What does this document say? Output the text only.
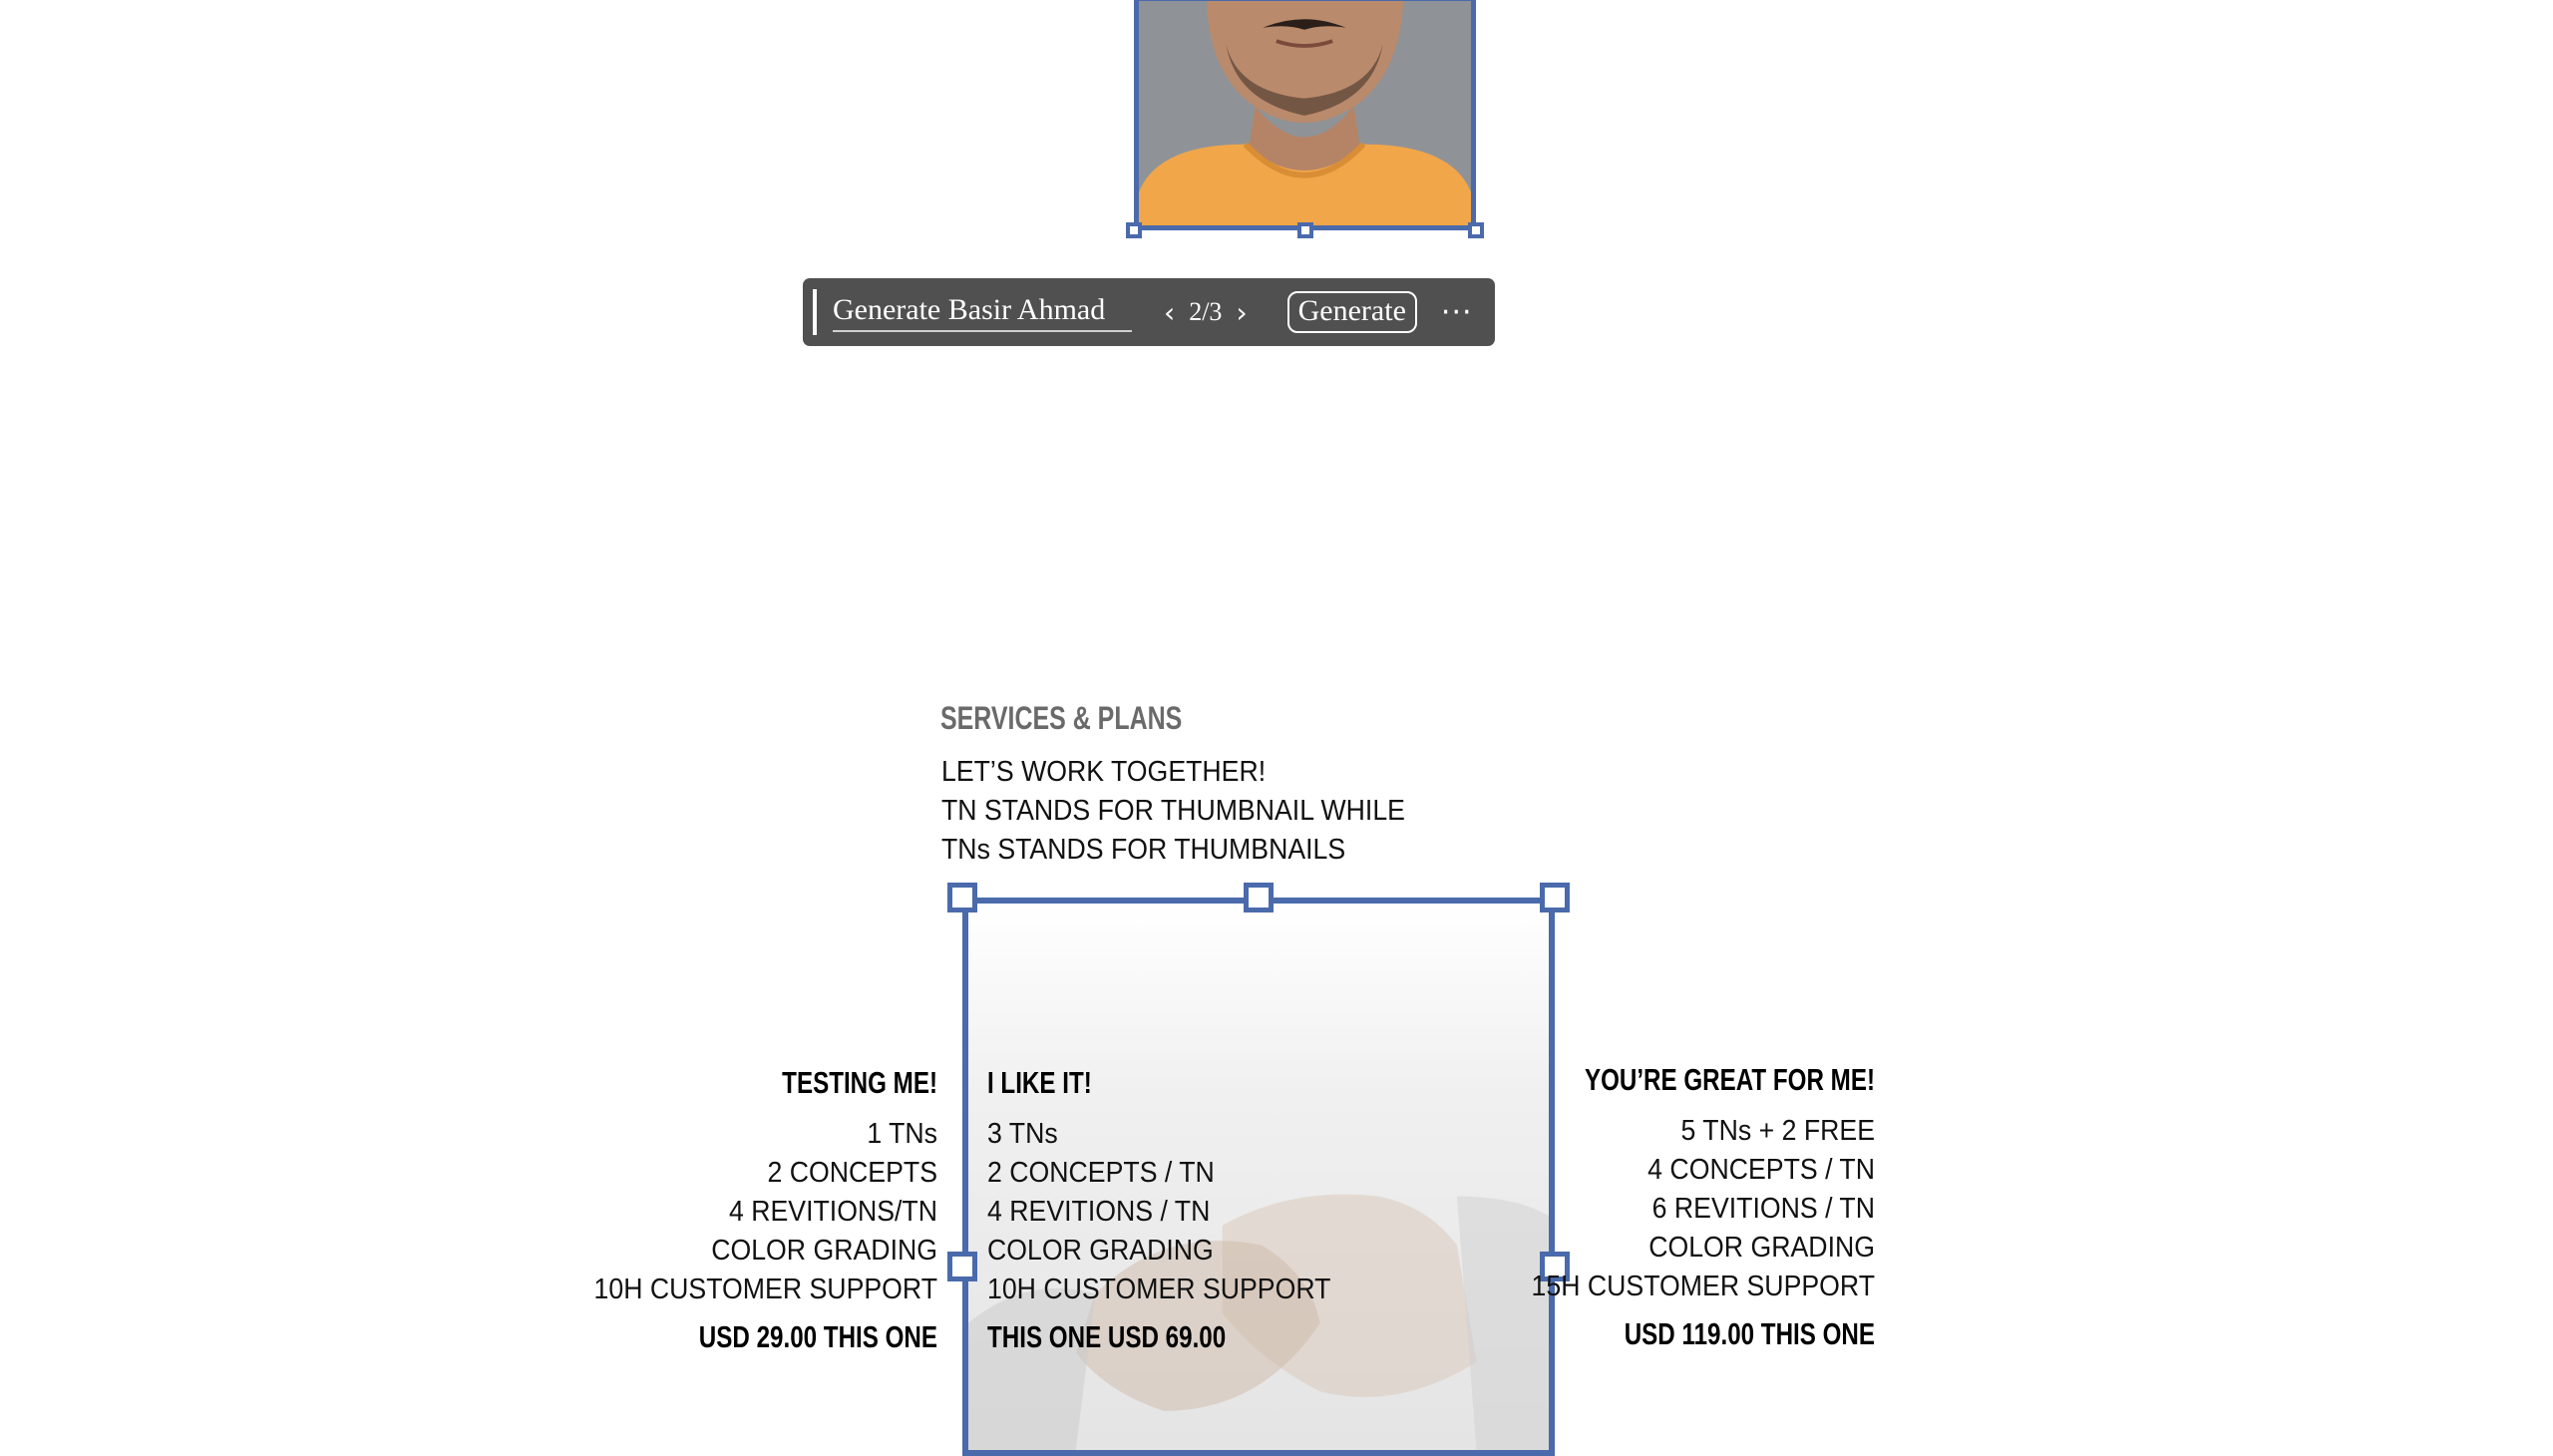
Generate Basir Ahmad	‹ 2/3 ›	Generate	···
SERVICES & PLANS
LET’S WORK TOGETHER!
TN STANDS FOR THUMBNAIL WHILE
TNs STANDS FOR THUMBNAILS
TESTING ME!
1 TNs
2 CONCEPTS
4 REVITIONS/TN
COLOR GRADING
10H CUSTOMER SUPPORT
USD 29.00 THIS ONE
I LIKE IT!
3 TNs
2 CONCEPTS / TN
4 REVITIONS / TN
COLOR GRADING
10H CUSTOMER SUPPORT
THIS ONE USD 69.00
YOU’RE GREAT FOR ME!
5 TNs + 2 FREE
4 CONCEPTS / TN
6 REVITIONS / TN
COLOR GRADING
15H CUSTOMER SUPPORT
USD 119.00 THIS ONE
